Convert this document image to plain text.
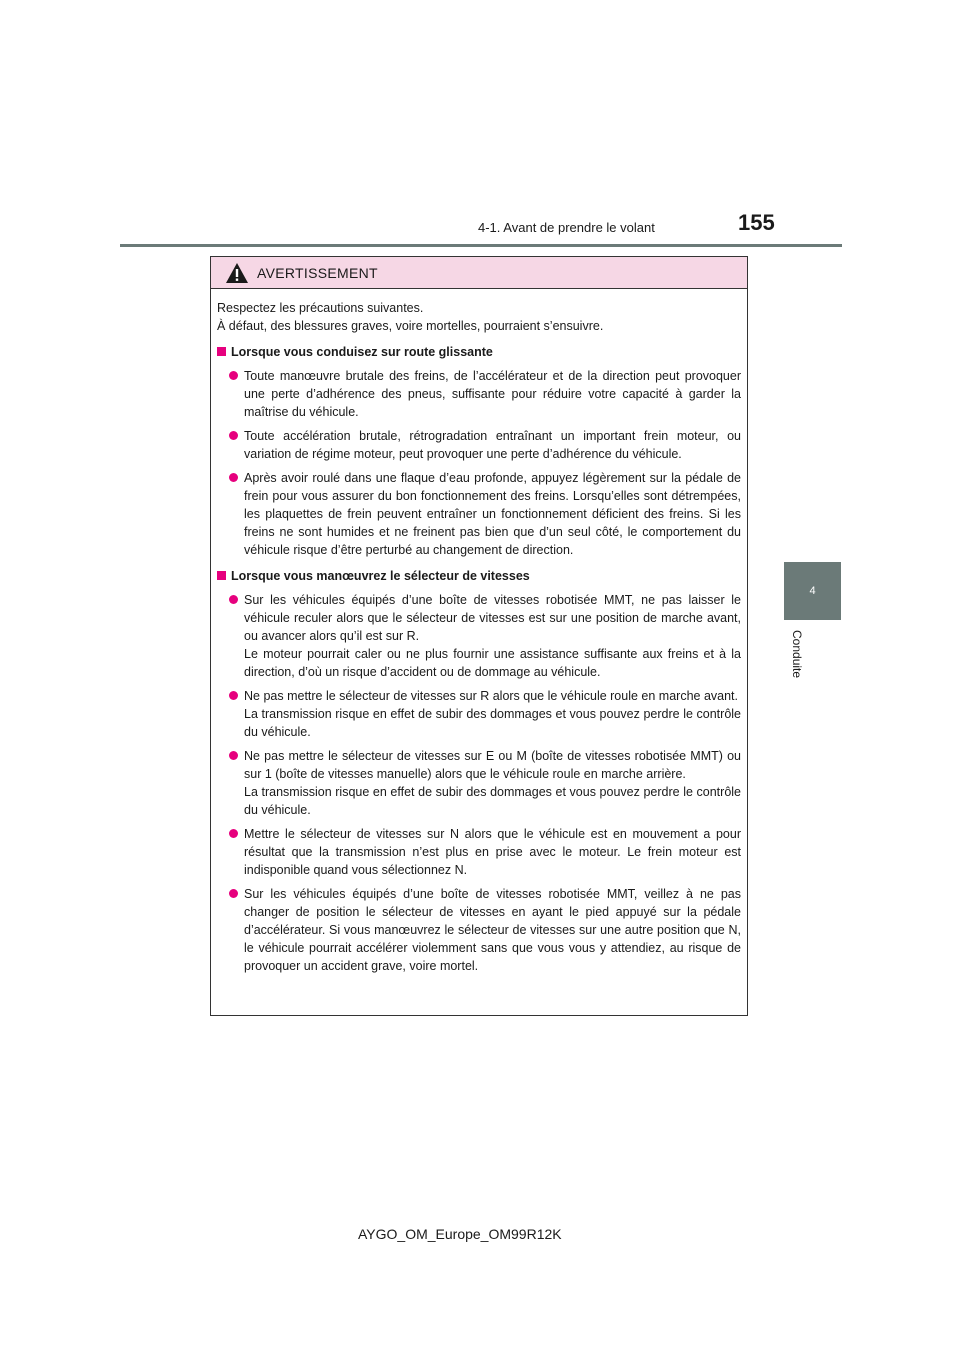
4-1. Avant de prendre le volant	155
4
Conduite
AVERTISSEMENT

Respectez les précautions suivantes.

À défaut, des blessures graves, voire mortelles, pourraient s’ensuivre.

Lorsque vous conduisez sur route glissante

Toute manœuvre brutale des freins, de l’accélérateur et de la direction peut provoquer une perte d’adhérence des pneus, suffisante pour réduire votre capacité à garder la maîtrise du véhicule.

Toute accélération brutale, rétrogradation entraînant un important frein moteur, ou variation de régime moteur, peut provoquer une perte d’adhérence du véhicule.

Après avoir roulé dans une flaque d’eau profonde, appuyez légèrement sur la pédale de frein pour vous assurer du bon fonctionnement des freins. Lorsqu’elles sont détrempées, les plaquettes de frein peuvent entraîner un fonctionnement déficient des freins. Si les freins ne sont humides et ne freinent pas bien que d’un seul côté, le comportement du véhicule risque d’être perturbé au changement de direction.

Lorsque vous manœuvrez le sélecteur de vitesses

Sur les véhicules équipés d’une boîte de vitesses robotisée MMT, ne pas laisser le véhicule reculer alors que le sélecteur de vitesses est sur une position de marche avant, ou avancer alors qu’il est sur R.

Le moteur pourrait caler ou ne plus fournir une assistance suffisante aux freins et à la direction, d’où un risque d’accident ou de dommage au véhicule.

Ne pas mettre le sélecteur de vitesses sur R alors que le véhicule roule en marche avant.

La transmission risque en effet de subir des dommages et vous pouvez perdre le contrôle du véhicule.

Ne pas mettre le sélecteur de vitesses sur E ou M (boîte de vitesses robotisée MMT) ou sur 1 (boîte de vitesses manuelle) alors que le véhicule roule en marche arrière.

La transmission risque en effet de subir des dommages et vous pouvez perdre le contrôle du véhicule.

Mettre le sélecteur de vitesses sur N alors que le véhicule est en mouvement a pour résultat que la transmission n’est plus en prise avec le moteur. Le frein moteur est indisponible quand vous sélectionnez N.

Sur les véhicules équipés d’une boîte de vitesses robotisée MMT, veillez à ne pas changer de position le sélecteur de vitesses en ayant le pied appuyé sur la pédale d’accélérateur. Si vous manœuvrez le sélecteur de vitesses sur une autre position que N, le véhicule pourrait accélérer violemment sans que vous vous y attendiez, au risque de provoquer un accident grave, voire mortel.

AYGO_OM_Europe_OM99R12K
